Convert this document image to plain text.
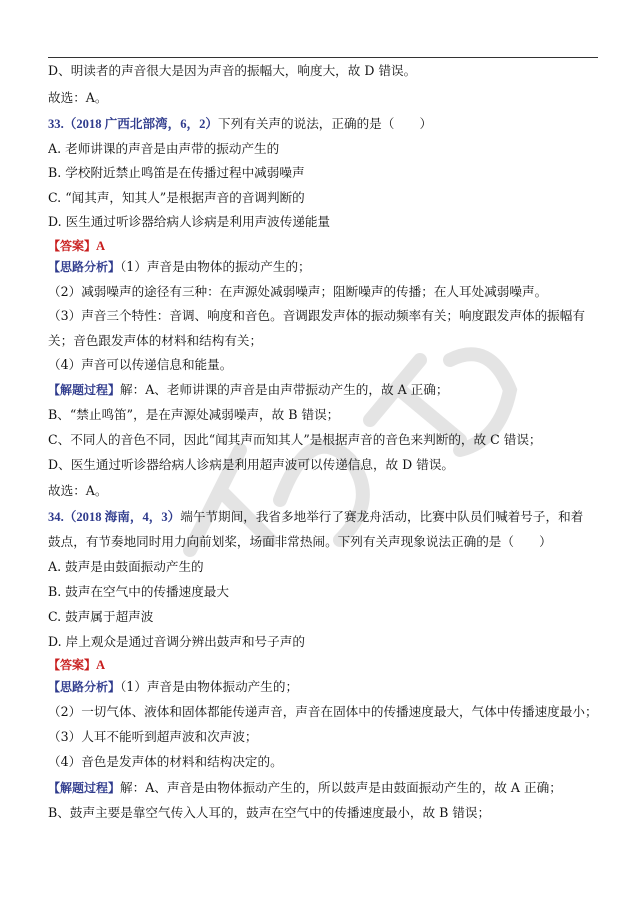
D、明读者的声音很大是因为声音的振幅大，响度大，故 D 错误。
故选：A。
33.（2018 广西北部湾，6，2）下列有关声的说法，正确的是（　　）
A. 老师讲课的声音是由声带的振动产生的
B. 学校附近禁止鸣笛是在传播过程中减弱噪声
C. “闻其声，知其人”是根据声音的音调判断的
D. 医生通过听诊器给病人诊病是利用声波传递能量
【答案】A
【思路分析】（1）声音是由物体的振动产生的；
（2）减弱噪声的途径有三种：在声源处减弱噪声；阻断噪声的传播；在人耳处减弱噪声。
（3）声音三个特性：音调、响度和音色。音调跟发声体的振动频率有关；响度跟发声体的振幅有
关；音色跟发声体的材料和结构有关；
（4）声音可以传递信息和能量。
【解题过程】解：A、老师讲课的声音是由声带振动产生的，故 A 正确；
B、“禁止鸣笛”，是在声源处减弱噪声，故 B 错误；
C、不同人的音色不同，因此“闻其声而知其人”是根据声音的音色来判断的，故 C 错误；
D、医生通过听诊器给病人诊病是利用超声波可以传递信息，故 D 错误。
故选：A。
34.（2018 海南，4，3）端午节期间，我省多地举行了赛龙舟活动，比赛中队员们喊着号子，和着
鼓点，有节奏地同时用力向前划桨，场面非常热闹。下列有关声现象说法正确的是（　　）
A. 鼓声是由鼓面振动产生的
B. 鼓声在空气中的传播速度最大
C. 鼓声属于超声波
D. 岸上观众是通过音调分辨出鼓声和号子声的
【答案】A
【思路分析】（1）声音是由物体振动产生的；
（2）一切气体、液体和固体都能传递声音，声音在固体中的传播速度最大，气体中传播速度最小；
（3）人耳不能听到超声波和次声波；
（4）音色是发声体的材料和结构决定的。
【解题过程】解：A、声音是由物体振动产生的，所以鼓声是由鼓面振动产生的，故 A 正确；
B、鼓声主要是靠空气传入人耳的，鼓声在空气中的传播速度最小，故 B 错误；
